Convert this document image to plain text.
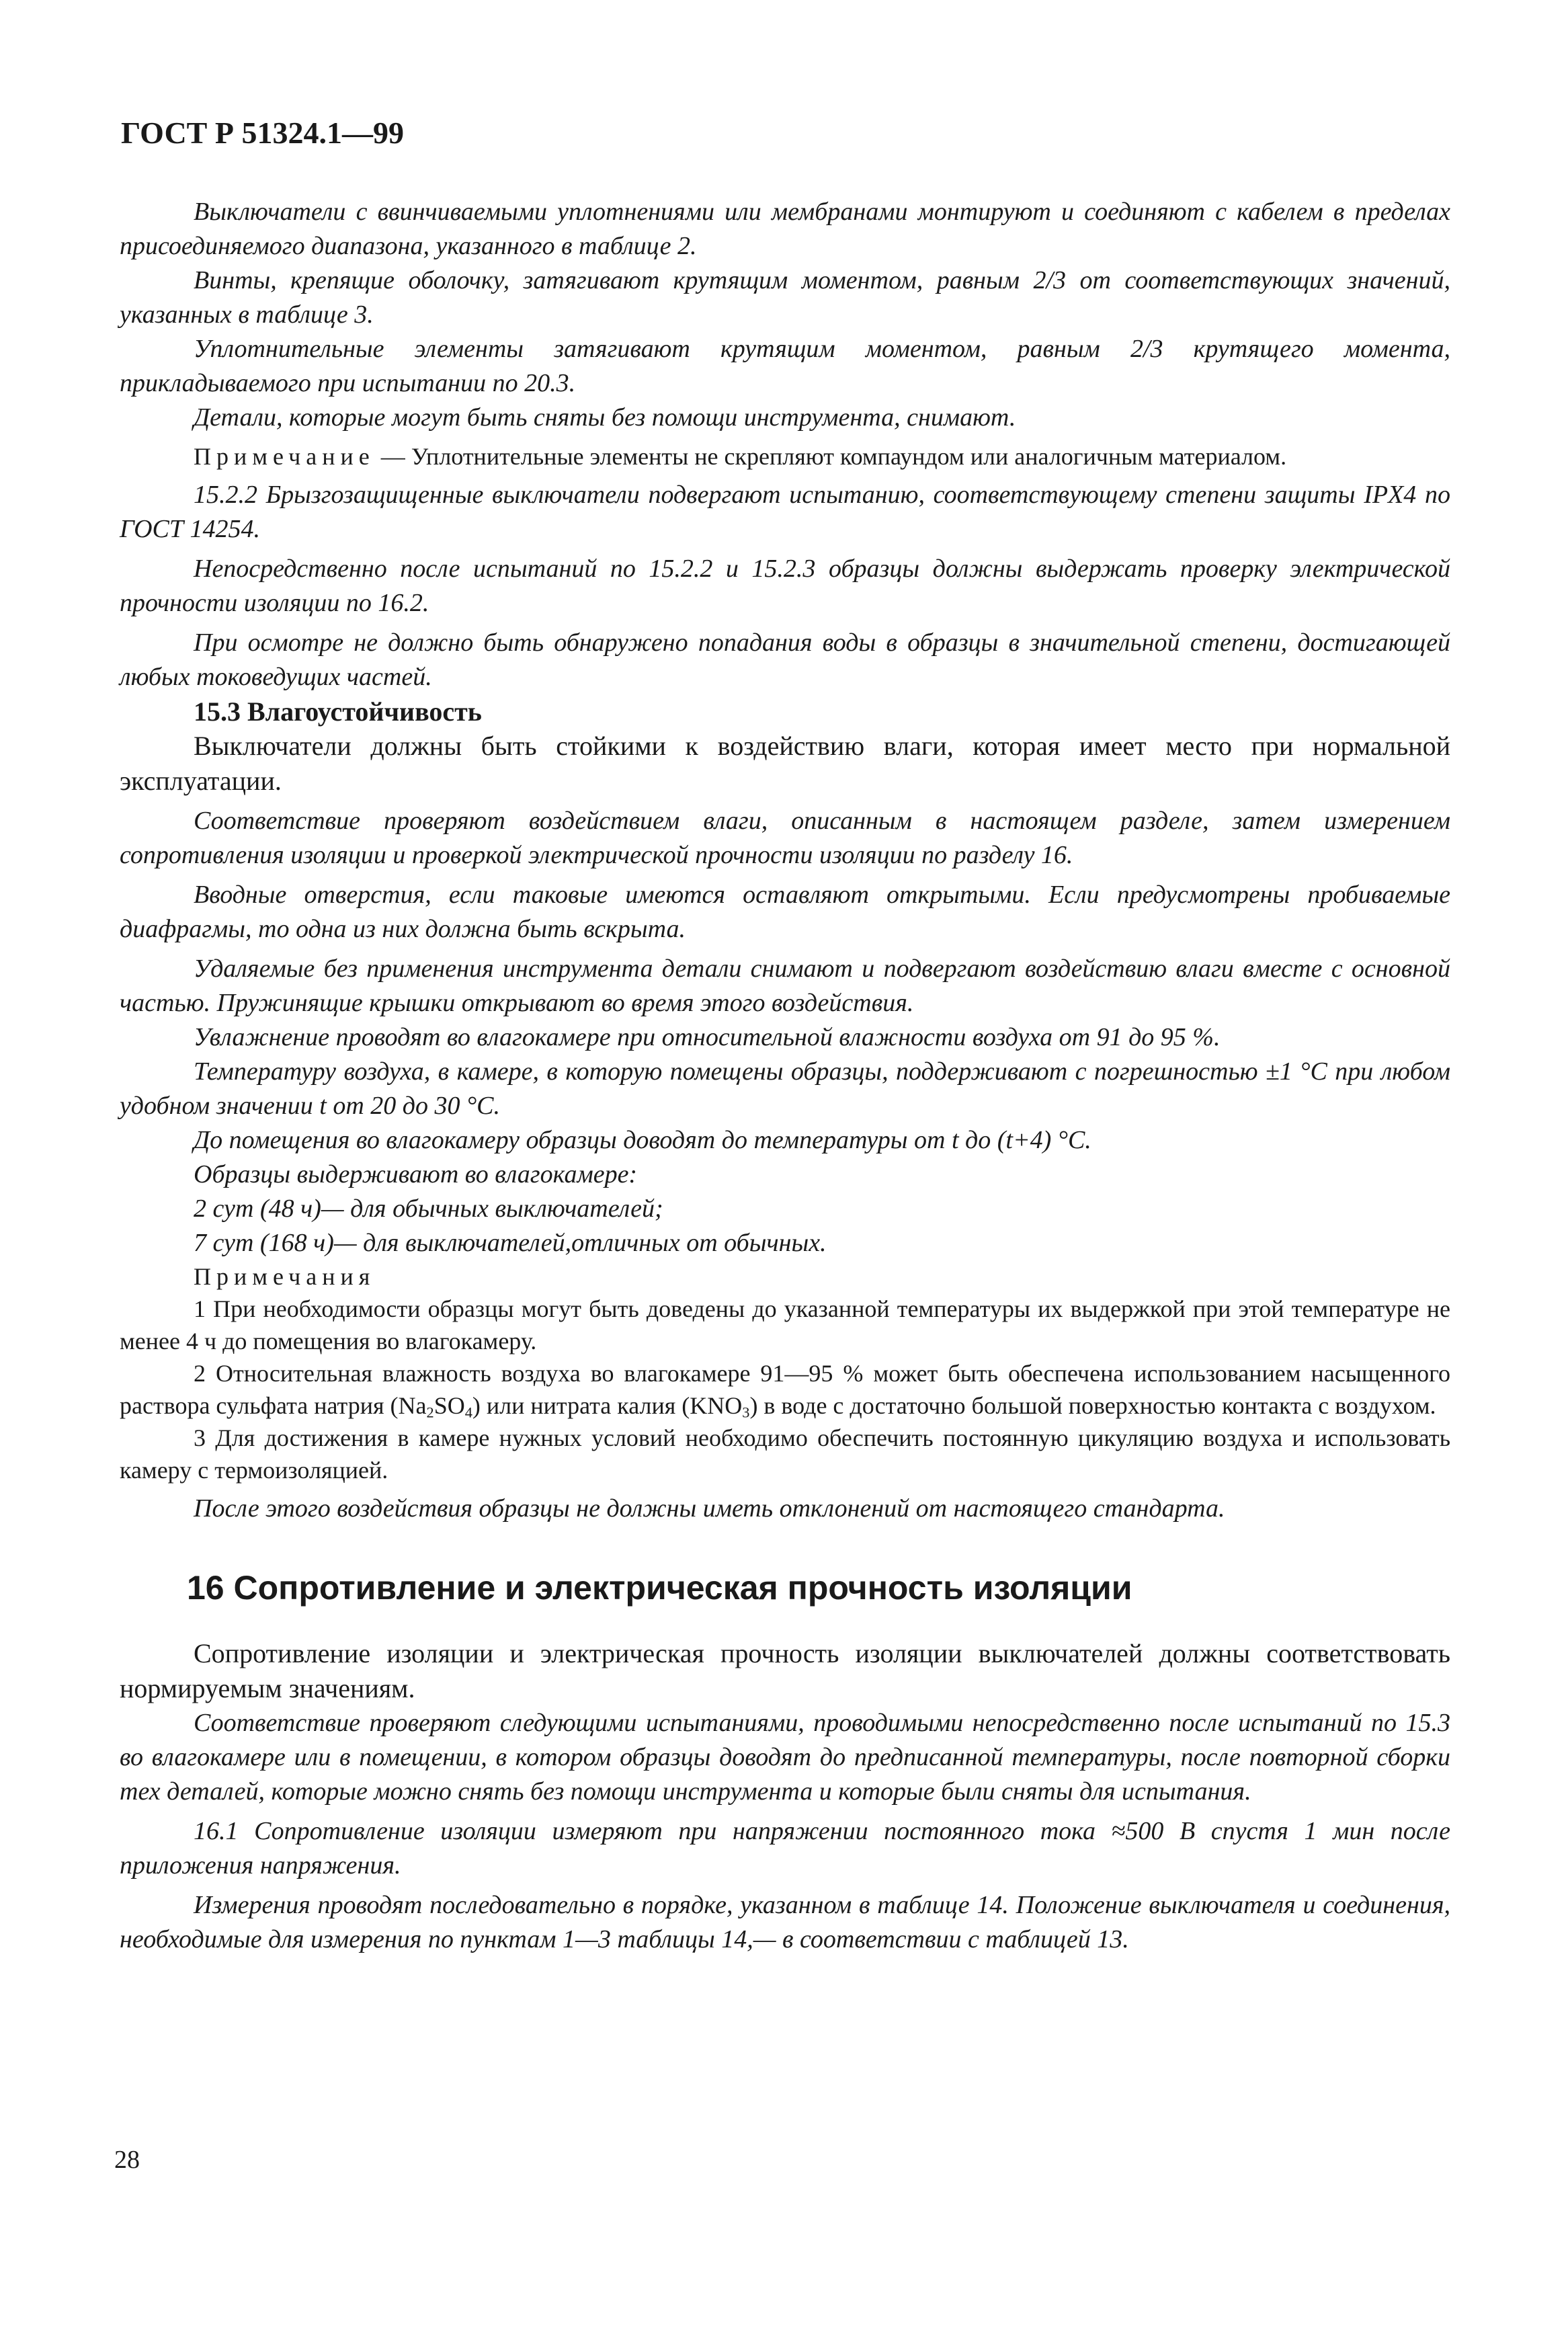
ГОСТ Р 51324.1—99

Выключатели с ввинчиваемыми уплотнениями или мембранами монтируют и соединяют с кабелем в пределах присоединяемого диапазона, указанного в таблице 2.

Винты, крепящие оболочку, затягивают крутящим моментом, равным 2/3 от соответствующих значений, указанных в таблице 3.

Уплотнительные элементы затягивают крутящим моментом, равным 2/3 крутящего момента, прикладываемого при испытании по 20.3.

Детали, которые могут быть сняты без помощи инструмента, снимают.

Примечание — Уплотнительные элементы не скрепляют компаундом или аналогичным материалом.

15.2.2 Брызгозащищенные выключатели подвергают испытанию, соответствующему степени защиты IPX4 по ГОСТ 14254.

Непосредственно после испытаний по 15.2.2 и 15.2.3 образцы должны выдержать проверку электрической прочности изоляции по 16.2.

При осмотре не должно быть обнаружено попадания воды в образцы в значительной степени, достигающей любых токоведущих частей.

15.3 Влагоустойчивость

Выключатели должны быть стойкими к воздействию влаги, которая имеет место при нормальной эксплуатации.

Соответствие проверяют воздействием влаги, описанным в настоящем разделе, затем измерением сопротивления изоляции и проверкой электрической прочности изоляции по разделу 16.

Вводные отверстия, если таковые имеются оставляют открытыми. Если предусмотрены пробиваемые диафрагмы, то одна из них должна быть вскрыта.

Удаляемые без применения инструмента детали снимают и подвергают воздействию влаги вместе с основной частью. Пружинящие крышки открывают во время этого воздействия.

Увлажнение проводят во влагокамере при относительной влажности воздуха от 91 до 95 %.

Температуру воздуха, в камере, в которую помещены образцы, поддерживают с погрешностью ±1 °С при любом удобном значении t от 20 до 30 °С.

До помещения во влагокамеру образцы доводят до температуры от t до (t+4) °С.

Образцы выдерживают во влагокамере:

2 сут (48 ч)— для обычных выключателей;

7 сут (168 ч)— для выключателей,отличных от обычных.

Примечания

1 При необходимости образцы могут быть доведены до указанной температуры их выдержкой при этой температуре не менее 4 ч до помещения во влагокамеру.

2 Относительная влажность воздуха во влагокамере 91—95 % может быть обеспечена использованием насыщенного раствора сульфата натрия $(Na_2SO_4)$ или нитрата калия $(KNO_3)$ в воде с достаточно большой поверхностью контакта с воздухом.

3 Для достижения в камере нужных условий необходимо обеспечить постоянную цикуляцию воздуха и использовать камеру с термоизоляцией.

После этого воздействия образцы не должны иметь отклонений от настоящего стандарта.

16 Сопротивление и электрическая прочность изоляции

Сопротивление изоляции и электрическая прочность изоляции выключателей должны соответствовать нормируемым значениям.

Соответствие проверяют следующими испытаниями, проводимыми непосредственно после испытаний по 15.3 во влагокамере или в помещении, в котором образцы доводят до предписанной температуры, после повторной сборки тех деталей, которые можно снять без помощи инструмента и которые были сняты для испытания.

16.1 Сопротивление изоляции измеряют при напряжении постоянного тока ≈500 В спустя 1 мин после приложения напряжения.

Измерения проводят последовательно в порядке, указанном в таблице 14. Положение выключателя и соединения, необходимые для измерения по пунктам 1—3 таблицы 14,— в соответствии с таблицей 13.

28
